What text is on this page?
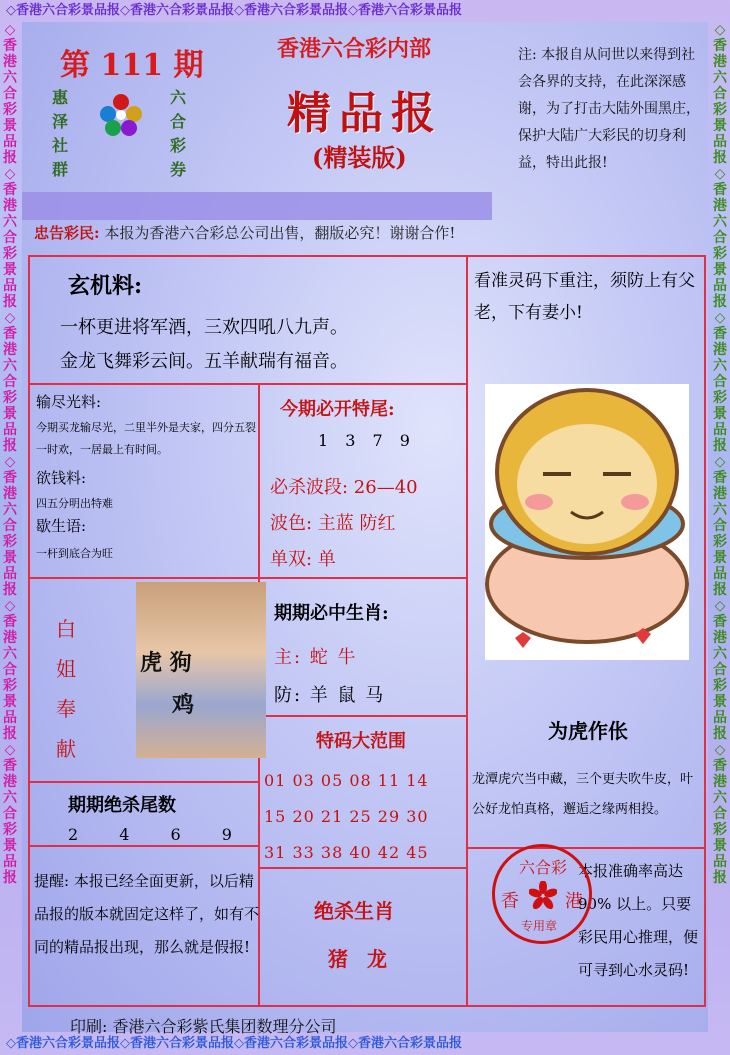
◇香港六合彩景品报◇香港六合彩景品报◇香港六合彩景品报◇香港六合彩景品报
◇香港六合彩景品报◇香港六合彩景品报◇香港六合彩景品报◇香港六合彩景品报◇香港六合彩景品报◇香港六合彩景品报
◇香港六合彩景品报◇香港六合彩景品报◇香港六合彩景品报◇香港六合彩景品报◇香港六合彩景品报◇香港六合彩景品报
第 111 期
惠
泽
社
群
六
合
彩
券
香港六合彩内部
精品报
(精装版)
注: 本报自从问世以来得到社会各界的支持，在此深深感谢，为了打击大陆外围黑庄，保护大陆广大彩民的切身利益，特出此报!
忠告彩民: 本报为香港六合彩总公司出售，翻版必究！谢谢合作!
玄机料:
一杯更进将军酒，三欢四吼八九声。
金龙飞舞彩云间。五羊献瑞有福音。
看准灵码下重注，须防上有父老，下有妻小!
输尽光料:
今期买龙输尽光，二里半外是夫家，四分五裂一时欢，一居最上有时间。
欲钱料:
四五分明出特难
歇生语:
一杆到底合为旺
今期必开特尾:
1 3 7 9
必杀波段: 26—40
波色: 主蓝 防红
单双: 单
白
姐
奉
献
期期必中生肖:
主: 蛇 牛
防: 羊 鼠 马
为虎作伥
龙潭虎穴当中藏，三个更夫吹牛皮，叶公好龙怕真格，邂逅之缘两相投。
特码大范围
01 03 05 08 11 14
15 20 21 25 29 30
31 33 38 40 42 45
期期绝杀尾数
2 4 6 9
提醒: 本报已经全面更新，以后精品报的版本就固定这样了，如有不同的精品报出现，那么就是假报!
绝杀生肖
猪 龙
本报准确率高达 90% 以上。只要彩民用心推理，便可寻到心水灵码!
虎 狗
鸡
六合彩
香	港
专用章
印刷: 香港六合彩紫氏集团数理分公司
◇香港六合彩景品报◇香港六合彩景品报◇香港六合彩景品报◇香港六合彩景品报
